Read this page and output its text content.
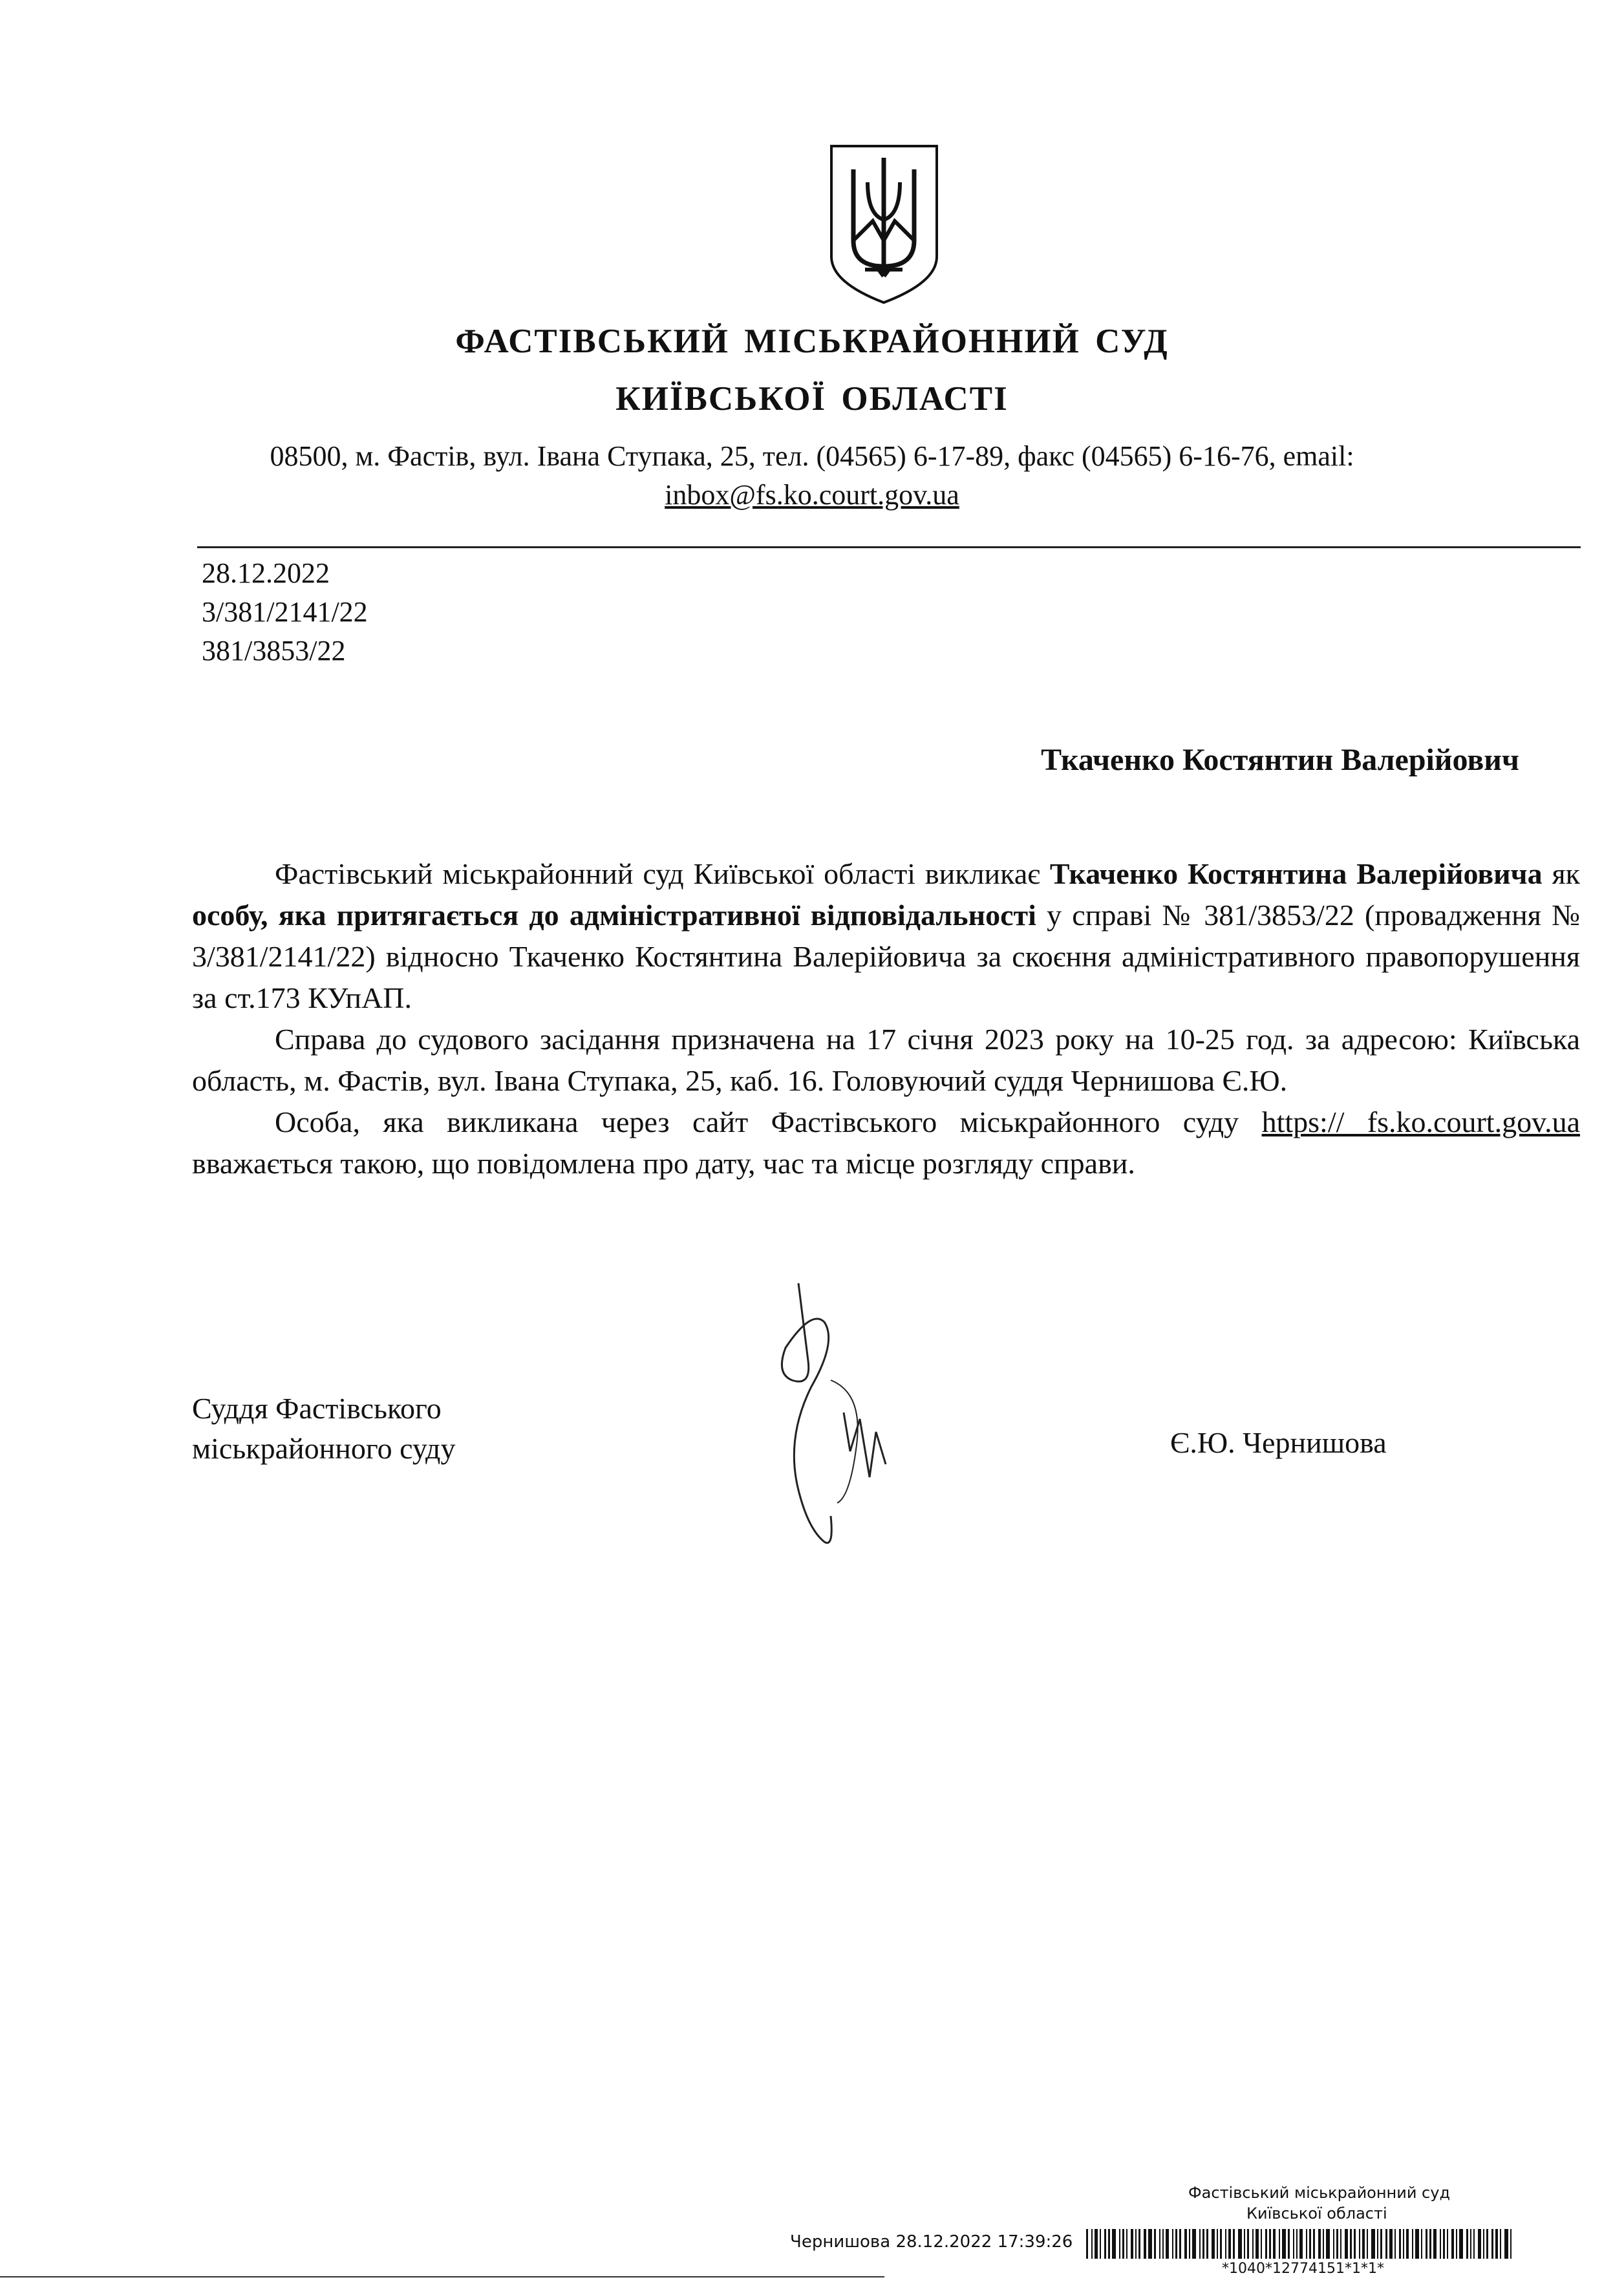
ФАСТІВСЬКИЙ МІСЬКРАЙОННИЙ СУД
КИЇВСЬКОЇ ОБЛАСТІ
08500, м. Фастів, вул. Івана Ступака, 25, тел. (04565) 6-17-89, факс (04565) 6-16-76, email:
inbox@fs.ko.court.gov.ua
28.12.2022
3/381/2141/22
381/3853/22
Ткаченко Костянтин Валерійович

Фастівський міськрайонний суд Київської області викликає Ткаченко Костянтина Валерійовича як особу, яка притягається до адміністративної відповідальності у справі № 381/3853/22 (провадження № 3/381/2141/22) відносно Ткаченко Костянтина Валерійовича за скоєння адміністративного правопорушення за ст.173 КУпАП.

Справа до судового засідання призначена на 17 січня 2023 року на 10-25 год. за адресою: Київська область, м. Фастів, вул. Івана Ступака, 25, каб. 16. Головуючий суддя Чернишова Є.Ю.

Особа, яка викликана через сайт Фастівського міськрайонного суду https:// fs.ko.court.gov.ua вважається такою, що повідомлена про дату, час та місце розгляду справи.

Суддя Фастівського
міськрайонного суду	Є.Ю. Чернишова
Фастівський міськрайонний суд
Київської області
Чернишова 28.12.2022 17:39:26
*1040*12774151*1*1*
